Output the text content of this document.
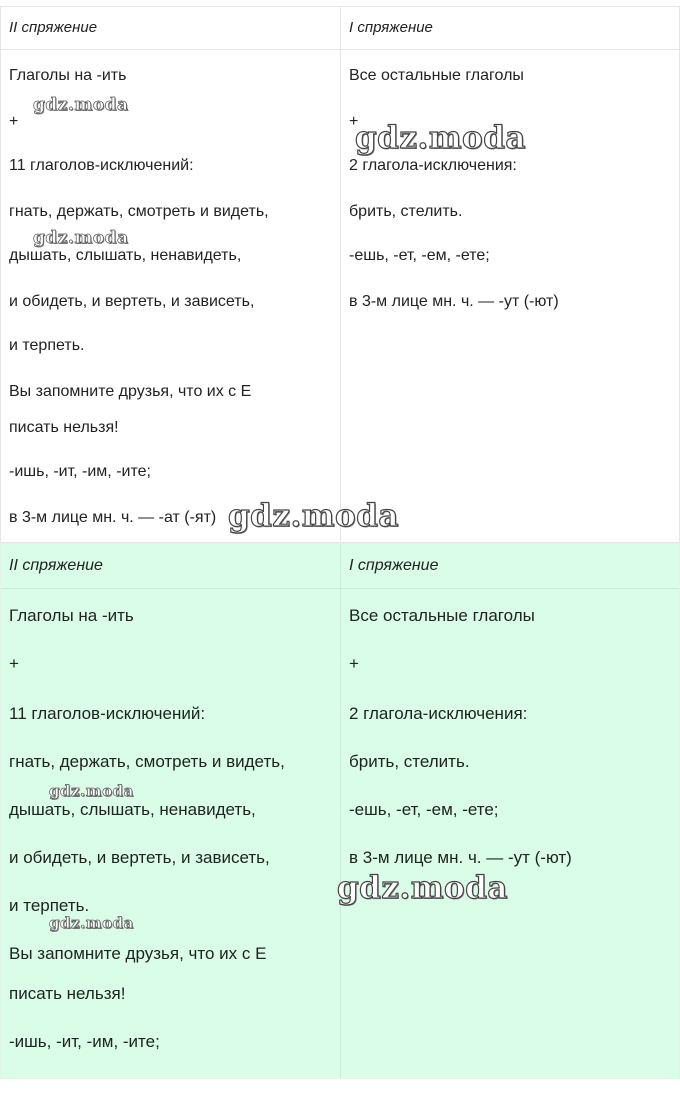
II спряжение	I спряжение
Глаголы на -ить
+
11 глаголов-исключений:
гнать, держать, смотреть и видеть,
дышать, слышать, ненавидеть,
и обидеть, и вертеть, и зависеть,
и терпеть.
Вы запомните друзья, что их с Е
писать нельзя!
-ишь, -ит, -им, -ите;
в 3-м лице мн. ч. — -ат (-ят)
Все остальные глаголы
+
2 глагола-исключения:
брить, стелить.
-ешь, -ет, -ем, -ете;
в 3-м лице мн. ч. — -ут (-ют)
II спряжение	I спряжение
Глаголы на -ить
+
11 глаголов-исключений:
гнать, держать, смотреть и видеть,
дышать, слышать, ненавидеть,
и обидеть, и вертеть, и зависеть,
и терпеть.
Вы запомните друзья, что их с Е
писать нельзя!
-ишь, -ит, -им, -ите;
Все остальные глаголы
+
2 глагола-исключения:
брить, стелить.
-ешь, -ет, -ем, -ете;
в 3-м лице мн. ч. — -ут (-ют)
gdz.moda
gdz.moda
gdz.moda
gdz.moda
gdz.moda
gdz.moda
gdz.moda
